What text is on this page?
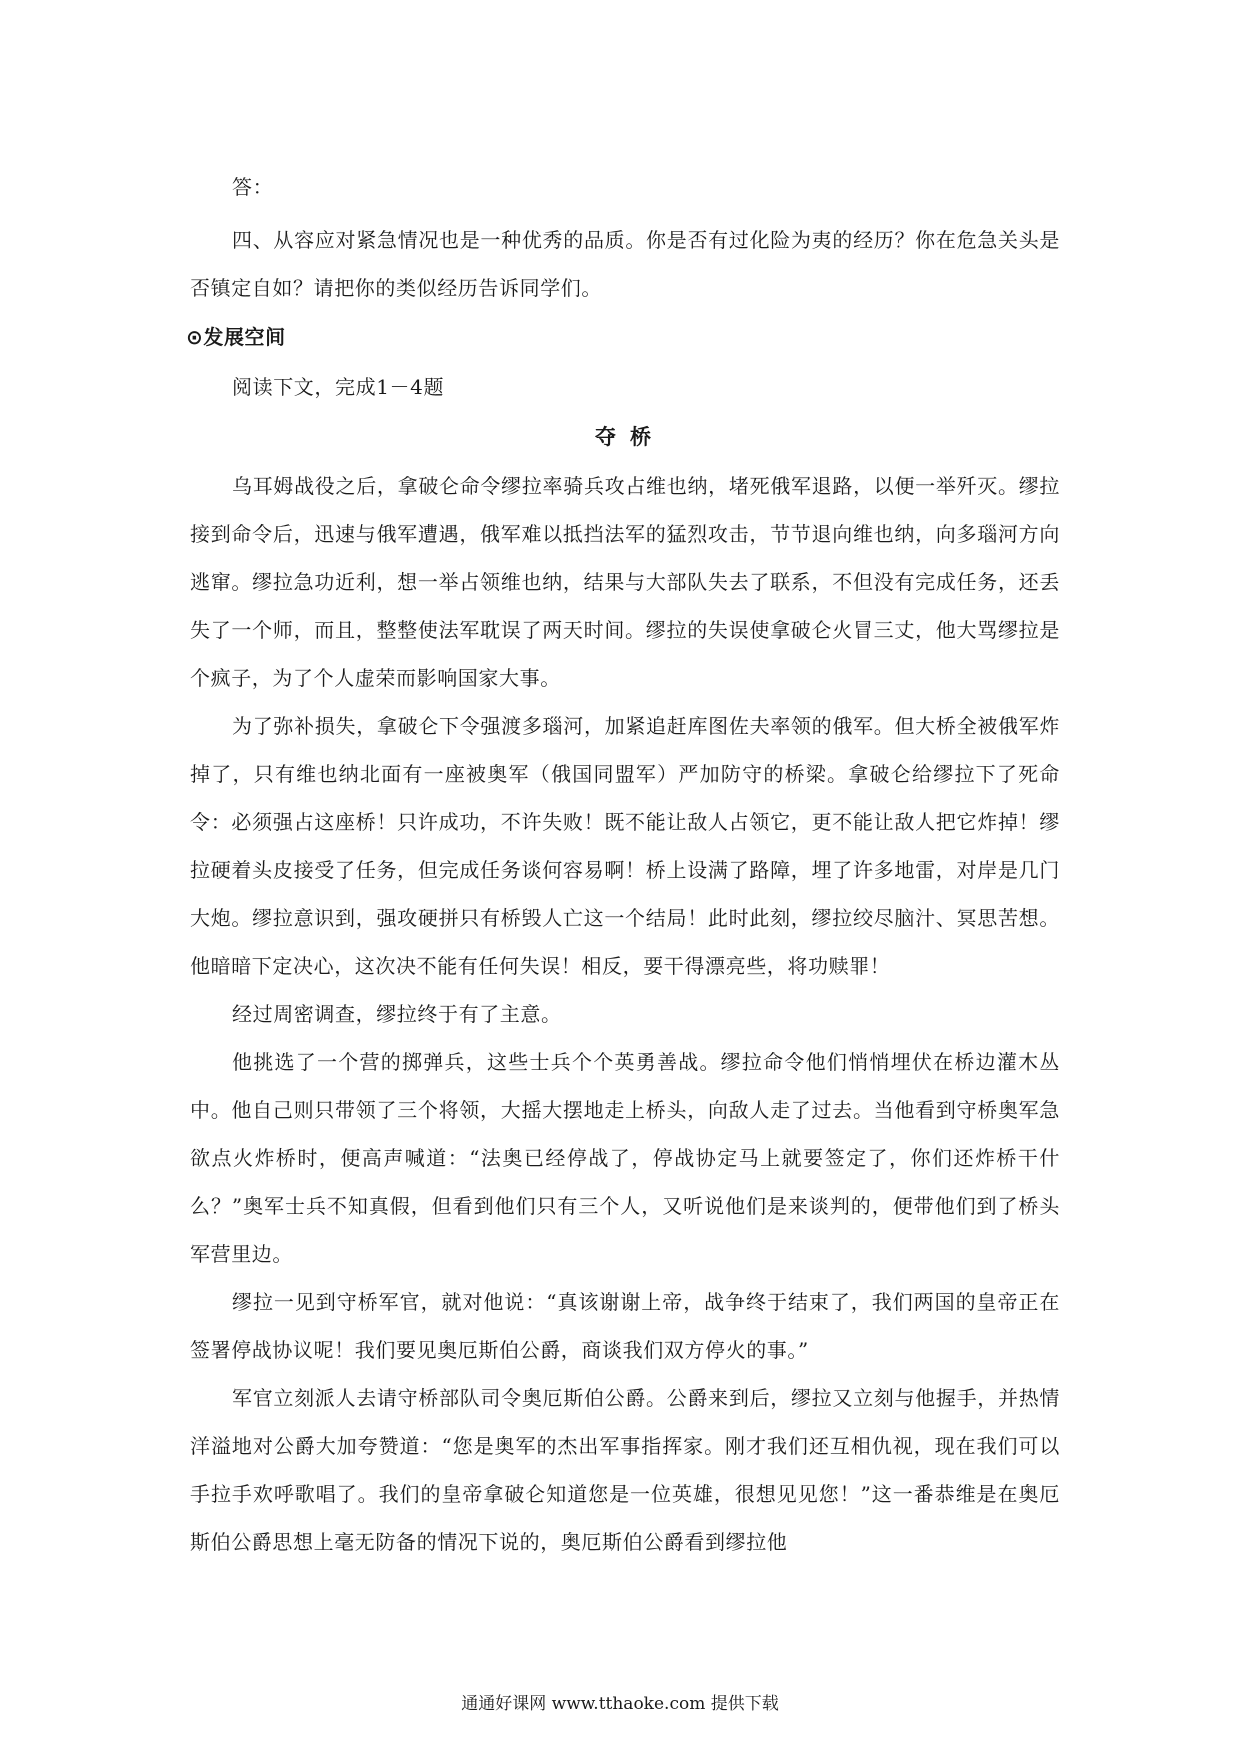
答：

四、从容应对紧急情况也是一种优秀的品质。你是否有过化险为夷的经历？你在危急关头是否镇定自如？请把你的类似经历告诉同学们。

⊙发展空间

阅读下文，完成1－4题

夺桥

乌耳姆战役之后，拿破仑命令缪拉率骑兵攻占维也纳，堵死俄军退路，以便一举歼灭。缪拉接到命令后，迅速与俄军遭遇，俄军难以抵挡法军的猛烈攻击，节节退向维也纳，向多瑙河方向逃窜。缪拉急功近利，想一举占领维也纳，结果与大部队失去了联系，不但没有完成任务，还丢失了一个师，而且，整整使法军耽误了两天时间。缪拉的失误使拿破仑火冒三丈，他大骂缪拉是个疯子，为了个人虚荣而影响国家大事。

为了弥补损失，拿破仑下令强渡多瑙河，加紧追赶库图佐夫率领的俄军。但大桥全被俄军炸掉了，只有维也纳北面有一座被奥军（俄国同盟军）严加防守的桥梁。拿破仑给缪拉下了死命令：必须强占这座桥！只许成功，不许失败！既不能让敌人占领它，更不能让敌人把它炸掉！缪拉硬着头皮接受了任务，但完成任务谈何容易啊！桥上设满了路障，埋了许多地雷，对岸是几门大炮。缪拉意识到，强攻硬拼只有桥毁人亡这一个结局！此时此刻，缪拉绞尽脑汁、冥思苦想。他暗暗下定决心，这次决不能有任何失误！相反，要干得漂亮些，将功赎罪！

经过周密调查，缪拉终于有了主意。

他挑选了一个营的掷弹兵，这些士兵个个英勇善战。缪拉命令他们悄悄埋伏在桥边灌木丛中。他自己则只带领了三个将领，大摇大摆地走上桥头，向敌人走了过去。当他看到守桥奥军急欲点火炸桥时，便高声喊道：“法奥已经停战了，停战协定马上就要签定了，你们还炸桥干什么？”奥军士兵不知真假，但看到他们只有三个人，又听说他们是来谈判的，便带他们到了桥头军营里边。

缪拉一见到守桥军官，就对他说：“真该谢谢上帝，战争终于结束了，我们两国的皇帝正在签署停战协议呢！我们要见奥厄斯伯公爵，商谈我们双方停火的事。”

军官立刻派人去请守桥部队司令奥厄斯伯公爵。公爵来到后，缪拉又立刻与他握手，并热情洋溢地对公爵大加夸赞道：“您是奥军的杰出军事指挥家。刚才我们还互相仇视，现在我们可以手拉手欢呼歌唱了。我们的皇帝拿破仑知道您是一位英雄，很想见见您！”这一番恭维是在奥厄斯伯公爵思想上毫无防备的情况下说的，奥厄斯伯公爵看到缪拉他

通通好课网 www.tthaoke.com 提供下载
